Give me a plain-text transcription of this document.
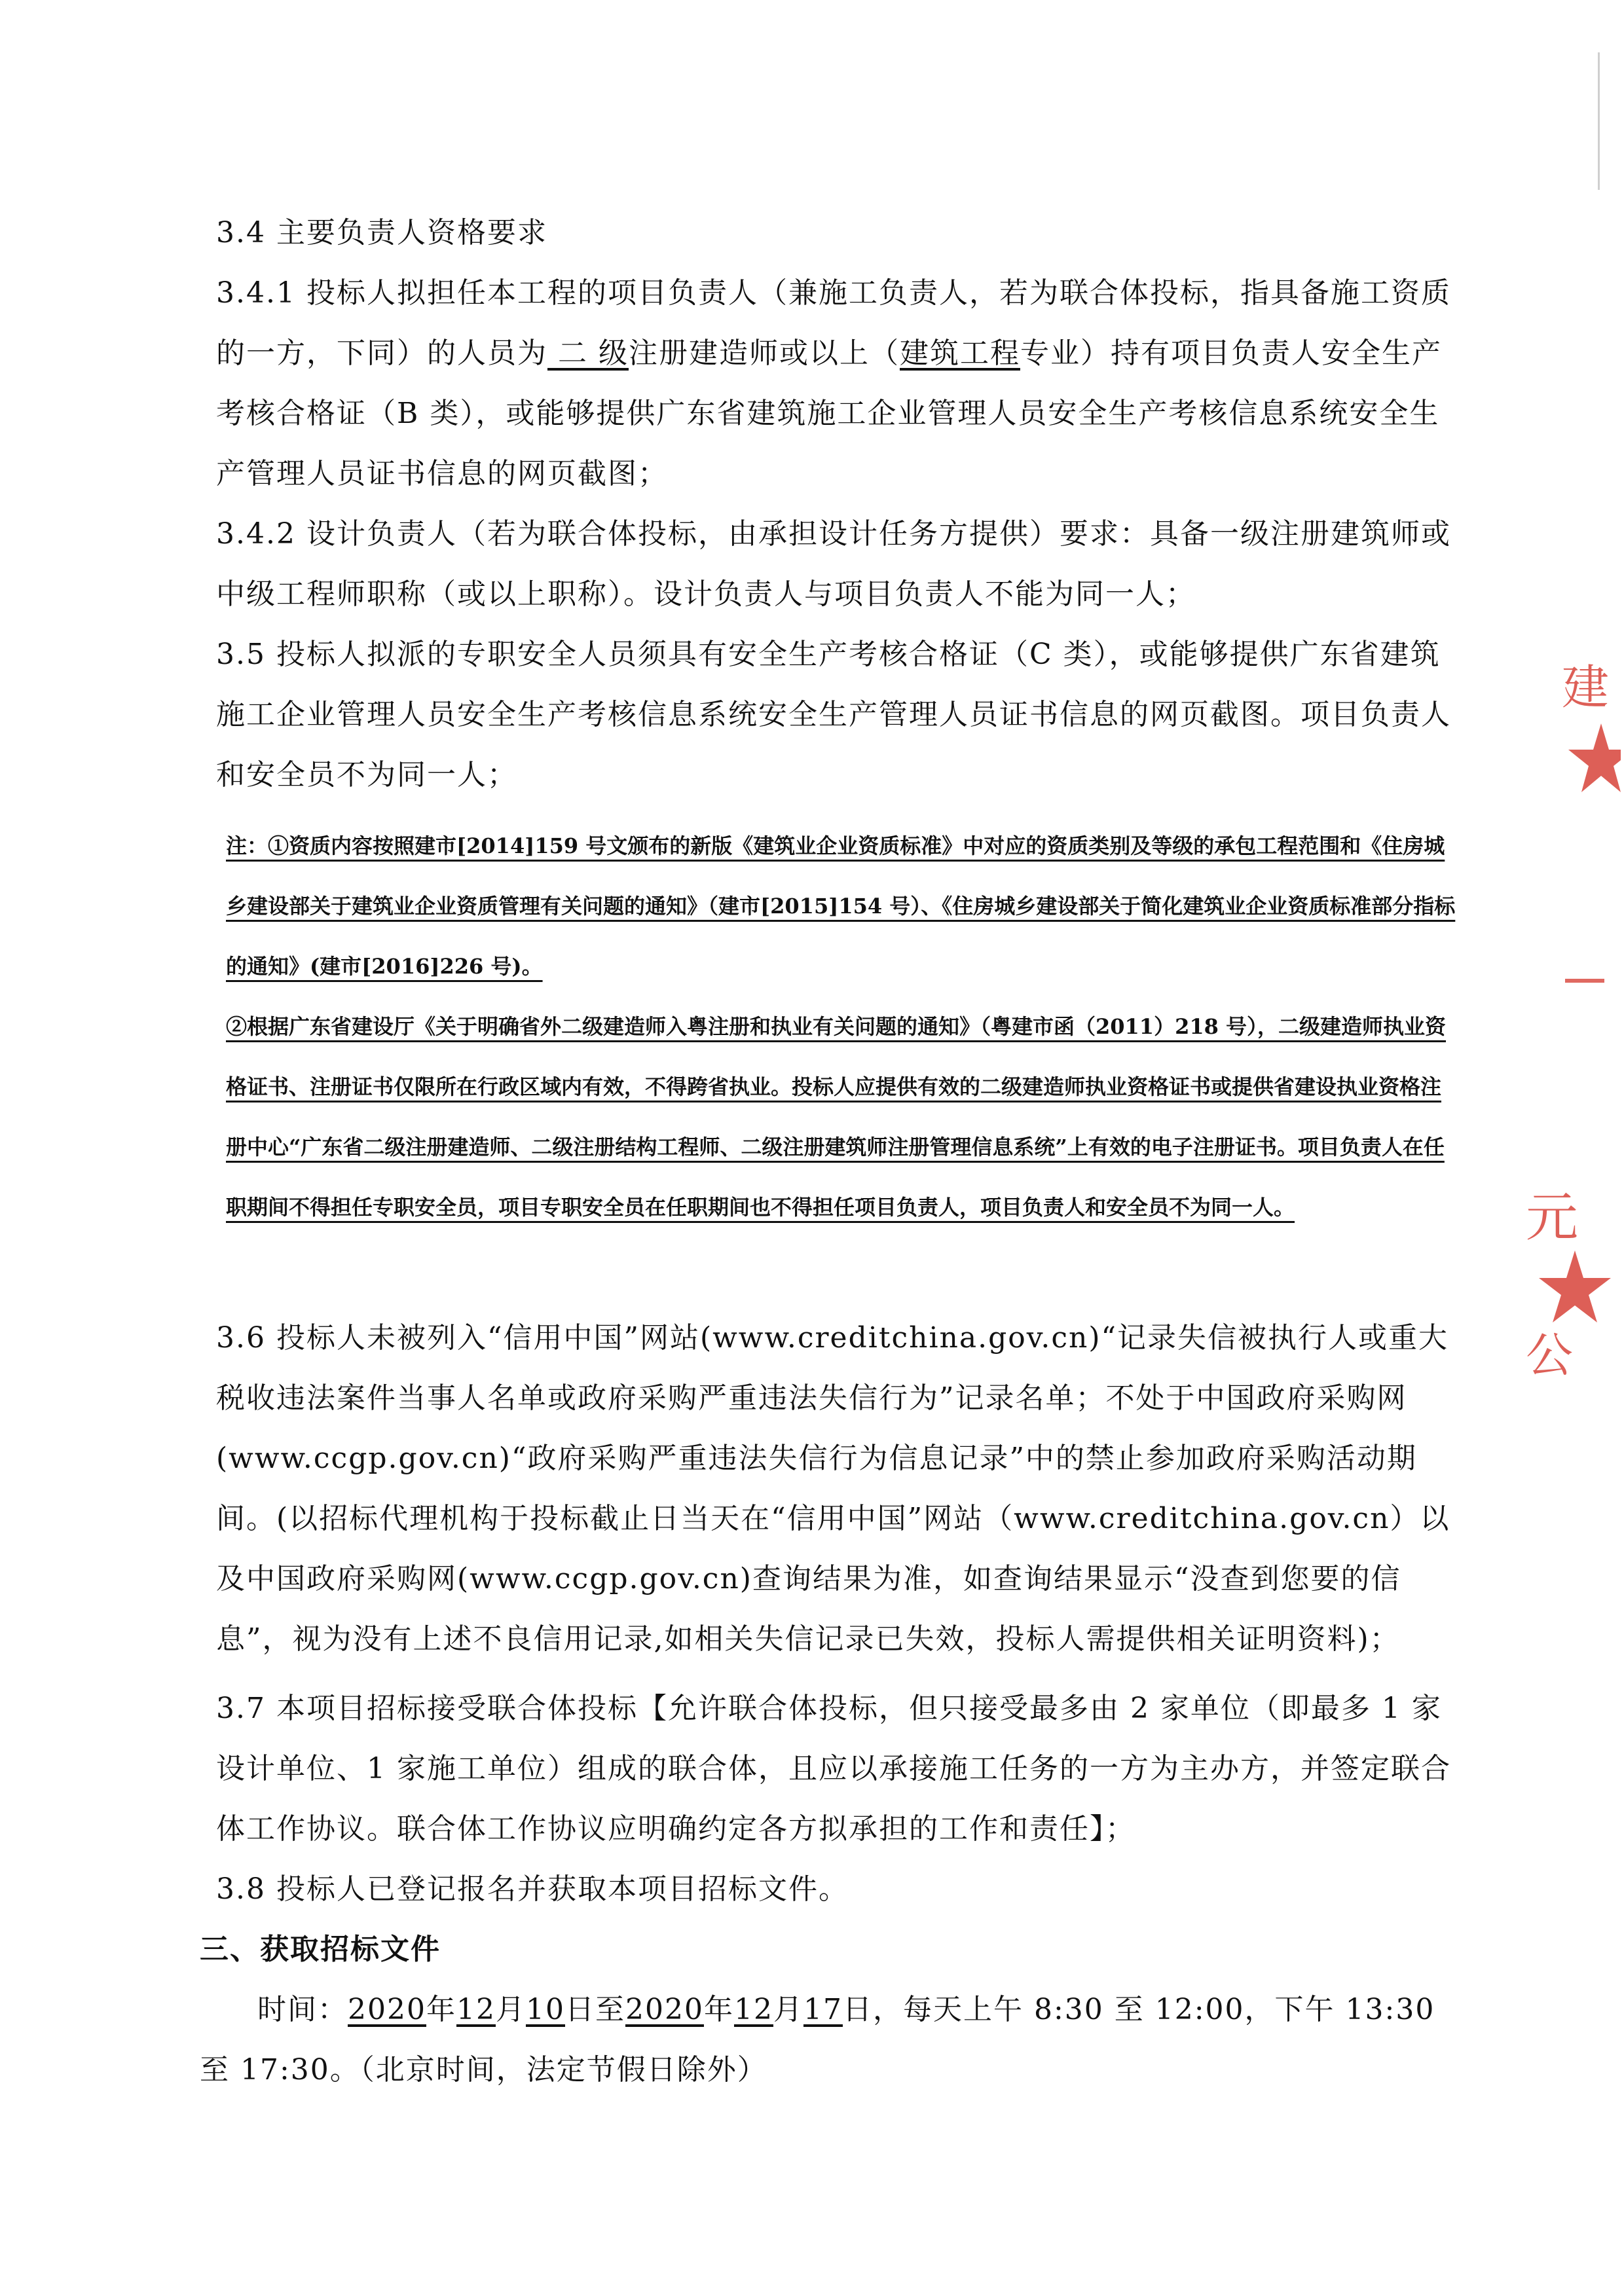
3.4 主要负责人资格要求

3.4.1 投标人拟担任本工程的项目负责人（兼施工负责人，若为联合体投标，指具备施工资质的一方，下同）的人员为 二 级注册建造师或以上（建筑工程专业）持有项目负责人安全生产考核合格证（B 类），或能够提供广东省建筑施工企业管理人员安全生产考核信息系统安全生产管理人员证书信息的网页截图；

3.4.2 设计负责人（若为联合体投标，由承担设计任务方提供）要求：具备一级注册建筑师或中级工程师职称（或以上职称）。设计负责人与项目负责人不能为同一人；

3.5 投标人拟派的专职安全人员须具有安全生产考核合格证（C 类），或能够提供广东省建筑施工企业管理人员安全生产考核信息系统安全生产管理人员证书信息的网页截图。项目负责人和安全员不为同一人；

注：①资质内容按照建市[2014]159 号文颁布的新版《建筑业企业资质标准》中对应的资质类别及等级的承包工程范围和《住房城乡建设部关于建筑业企业资质管理有关问题的通知》（建市[2015]154 号）、《住房城乡建设部关于简化建筑业企业资质标准部分指标的通知》(建市[2016]226 号)。

②根据广东省建设厅《关于明确省外二级建造师入粤注册和执业有关问题的通知》（粤建市函（2011）218 号），二级建造师执业资格证书、注册证书仅限所在行政区域内有效，不得跨省执业。投标人应提供有效的二级建造师执业资格证书或提供省建设执业资格注册中心“广东省二级注册建造师、二级注册结构工程师、二级注册建筑师注册管理信息系统”上有效的电子注册证书。项目负责人在任职期间不得担任专职安全员，项目专职安全员在任职期间也不得担任项目负责人，项目负责人和安全员不为同一人。

3.6 投标人未被列入“信用中国”网站(www.creditchina.gov.cn)“记录失信被执行人或重大税收违法案件当事人名单或政府采购严重违法失信行为”记录名单；不处于中国政府采购网(www.ccgp.gov.cn)“政府采购严重违法失信行为信息记录”中的禁止参加政府采购活动期间。(以招标代理机构于投标截止日当天在“信用中国”网站（www.creditchina.gov.cn）以及中国政府采购网(www.ccgp.gov.cn)查询结果为准，如查询结果显示“没查到您要的信息”，视为没有上述不良信用记录,如相关失信记录已失效，投标人需提供相关证明资料)；

3.7 本项目招标接受联合体投标【允许联合体投标，但只接受最多由 2 家单位（即最多 1 家设计单位、1 家施工单位）组成的联合体，且应以承接施工任务的一方为主办方，并签定联合体工作协议。联合体工作协议应明确约定各方拟承担的工作和责任】；

3.8 投标人已登记报名并获取本项目招标文件。

三、获取招标文件

时间：2020年12月10日至2020年12月17日，每天上午 8:30 至 12:00，下午 13:30 至 17:30。（北京时间，法定节假日除外）

建
元
公
